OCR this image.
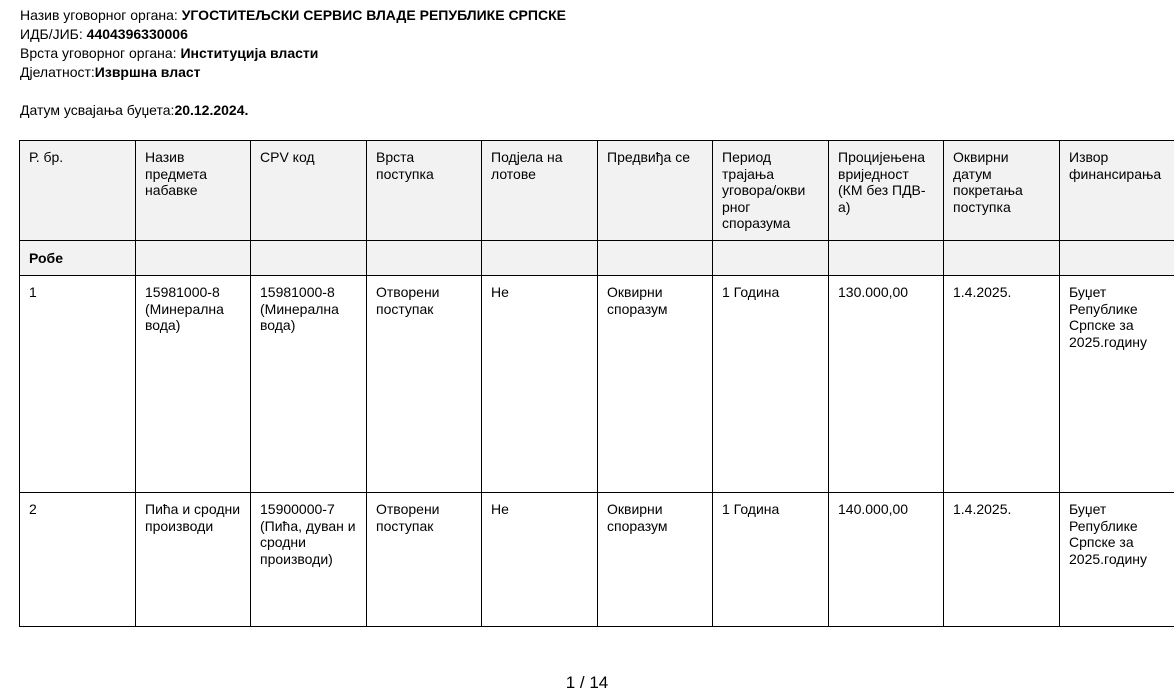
Назив уговорног органа: УГОСТИТЕЉСКИ СЕРВИС ВЛАДЕ РЕПУБЛИКЕ СРПСКЕ
ИДБ/ЈИБ: 4404396330006
Врста уговорног органа: Институција власти
Дјелатност:Извршна власт
Датум усвајања буџета:20.12.2024.
Р. бр.	Назив предмета набавке	CPV код	Врста поступка	Подјела на лотове	Предвиђа се	Период трајања уговора/окви рног споразума	Процијењена вриједност (КМ без ПДВ-а)	Оквирни датум покретања поступка	Извор финансирања
Робе									
1	15981000-8 (Минерална вода)	15981000-8 (Минерална вода)	Отворени поступак	Не	Оквирни споразум	1 Година	130.000,00	1.4.2025.	Буџет Републике Српске за 2025.годину
2	Пића и сродни производи	15900000-7 (Пића, дуван и сродни производи)	Отворени поступак	Не	Оквирни споразум	1 Година	140.000,00	1.4.2025.	Буџет Републике Српске за 2025.годину
1 / 14
